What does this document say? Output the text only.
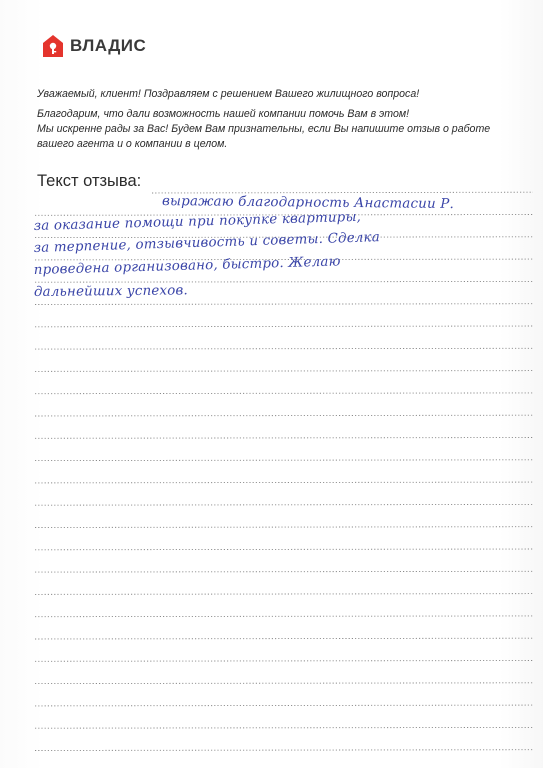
ВЛАДИС

Уважаемый, клиент! Поздравляем с решением Вашего жилищного вопроса!

Благодарим, что дали возможность нашей компании помочь Вам в этом!

Мы искренне рады за Вас! Будем Вам признательны, если Вы напишите отзыв о работе

вашего агента и о компании в целом.

Текст отзыва:
выражаю благодарность Анастасии Р.
за оказание помощи при покупке квартиры,
за терпение, отзывчивость и советы. Сделка
проведена организовано, быстро. Желаю
дальнейших успехов.
